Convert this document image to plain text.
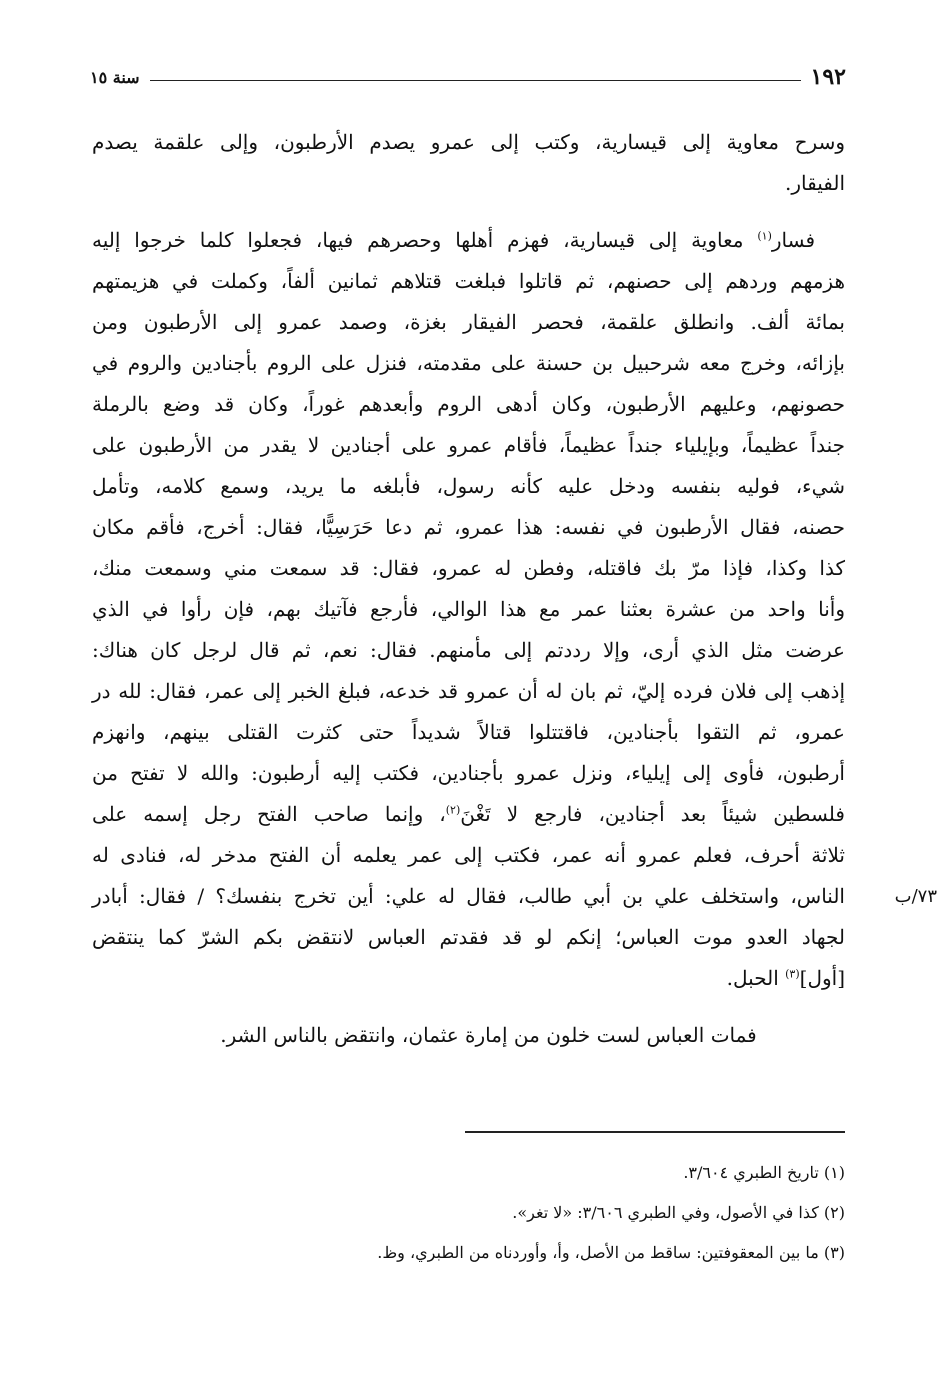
١٩٢
سنة ١٥
وسرح معاوية إلى قيسارية، وكتب إلى عمرو يصدم الأرطبون، وإلى علقمة يصدم
الفيقار.
فسار$^{(١)}$ معاوية إلى قيسارية، فهزم أهلها وحصرهم فيها، فجعلوا كلما خرجوا إليه
هزمهم وردهم إلى حصنهم، ثم قاتلوا فبلغت قتلاهم ثمانين ألفاً، وكملت في هزيمتهم
بمائة ألف. وانطلق علقمة، فحصر الفيقار بغزة، وصمد عمرو إلى الأرطبون ومن
بإزائه، وخرج معه شرحبيل بن حسنة على مقدمته، فنزل على الروم بأجنادين والروم في
حصونهم، وعليهم الأرطبون، وكان أدهى الروم وأبعدهم غوراً، وكان قد وضع بالرملة
جنداً عظيماً، وبإيلياء جنداً عظيماً، فأقام عمرو على أجنادين لا يقدر من الأرطبون على
شيء، فوليه بنفسه ودخل عليه كأنه رسول، فأبلغه ما يريد، وسمع كلامه، وتأمل
حصنه، فقال الأرطبون في نفسه: هذا عمرو، ثم دعا حَرَسِيًّا، فقال: أخرج، فأقم مكان
كذا وكذا، فإذا مرّ بك فاقتله، وفطن له عمرو، فقال: قد سمعت مني وسمعت منك،
وأنا واحد من عشرة بعثنا عمر مع هذا الوالي، فأرجع فآتيك بهم، فإن رأوا في الذي
عرضت مثل الذي أرى، وإلا رددتم إلى مأمنهم. فقال: نعم، ثم قال لرجل كان هناك:
إذهب إلى فلان فرده إليّ، ثم بان له أن عمرو قد خدعه، فبلغ الخبر إلى عمر، فقال: لله در
عمرو، ثم التقوا بأجنادين، فاقتتلوا قتالاً شديداً حتى كثرت القتلى بينهم، وانهزم
أرطبون، فأوى إلى إيلياء، ونزل عمرو بأجنادين، فكتب إليه أرطبون: والله لا تفتح من
فلسطين شيئاً بعد أجنادين، فارجع لا تَغْنَ$^{(٢)}$، وإنما صاحب الفتح رجل إسمه على
ثلاثة أحرف، فعلم عمرو أنه عمر، فكتب إلى عمر يعلمه أن الفتح مدخر له، فنادى له
٧٣/ب
الناس، واستخلف علي بن أبي طالب، فقال له علي: أين تخرج بنفسك؟ / فقال: أبادر
لجهاد العدو موت العباس؛ إنكم لو قد فقدتم العباس لانتقض بكم الشرّ كما ينتقض
[أول]$^{(٣)}$ الحبل.
فمات العباس لست خلون من إمارة عثمان، وانتقض بالناس الشر.
(١) تاريخ الطبري ٣/٦٠٤.
(٢) كذا في الأصول، وفي الطبري ٣/٦٠٦: «لا تغر».
(٣) ما بين المعقوفتين: ساقط من الأصل، وأ، وأوردناه من الطبري، وظ.
